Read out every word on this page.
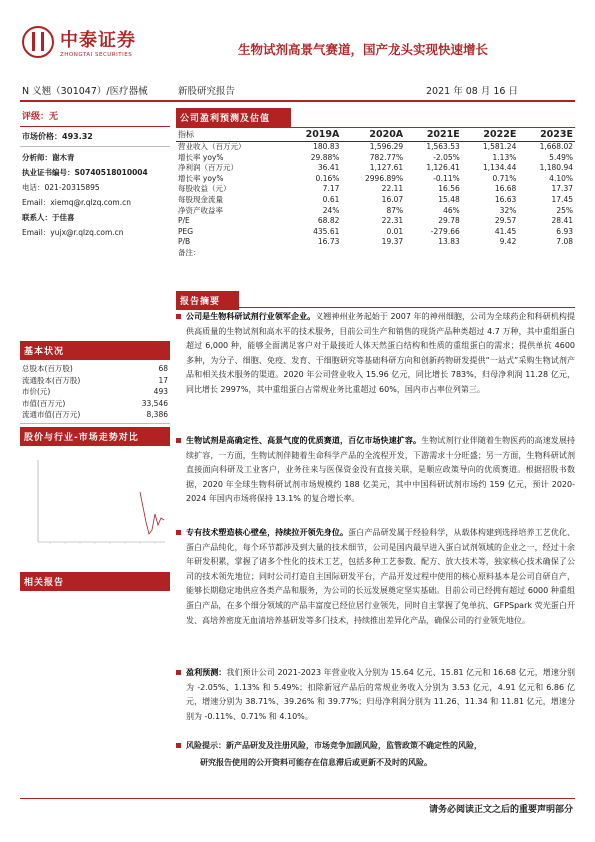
中泰证券
ZHONGTAI SECURITIES	生物试剂高景气赛道，国产龙头实现快速增长
N 义翘（301047）/医疗器械	新股研究报告	2021 年 08 月 16 日
评级：无
市场价格：493.32
分析师：谢木青
执业证书编号：S0740518010004
电话：021-20315895
Email：xiemq@r.qlzq.com.cn
联系人：于佳喜
Email：yujx@r.qlzq.com.cn
基本状况
总股本(百万股)	68
流通股本(百万股)	17
市价(元)	493
市值(百万元)	33,546
流通市值(百万元)	8,386
股价与行业-市场走势对比
相关报告
公司盈利预测及估值
指标	2019A	2020A	2021E	2022E	2023E
营业收入（百万元）	180.83	1,596.29	1,563.53	1,581.24	1,668.02
增长率 yoy%	29.88%	782.77%	-2.05%	1.13%	5.49%
净利润（百万元）	36.41	1,127.61	1,126.41	1,134.44	1,180.94
增长率 yoy%	0.16%	2996.89%	-0.11%	0.71%	4.10%
每股收益（元）	7.17	22.11	16.56	16.68	17.37
每股现金流量	0.61	16.07	15.48	16.63	17.45
净资产收益率	24%	87%	46%	32%	25%
P/E	68.82	22.31	29.78	29.57	28.41
PEG	435.61	0.01	-279.66	41.45	6.93
P/B	16.73	19.37	13.83	9.42	7.08
备注：					
报告摘要
公司是生物科研试剂行业领军企业。义翘神州业务起始于 2007 年的神州细胞，公司为全球药企和科研机构提供高质量的生物试剂和高水平的技术服务，目前公司生产和销售的现货产品种类超过 4.7 万种，其中重组蛋白超过 6,000 种，能够全面满足客户对于最接近人体天然蛋白结构和性质的重组蛋白的需求；提供单抗 4600 多种，为分子、细胞、免疫、发育、干细胞研究等基础科研方向和创新药物研发提供“一站式”采购生物试剂产品和相关技术服务的渠道。2020 年公司营业收入 15.96 亿元，同比增长 783%，归母净利润 11.28 亿元，同比增长 2997%，其中重组蛋白占常规业务比重超过 60%，国内市占率位列第三。
生物试剂是高确定性、高景气度的优质赛道，百亿市场快速扩容。生物试剂行业伴随着生物医药的高速发展持续扩容，一方面，生物试剂伴随着生命科学产品的全流程开发，下游需求十分旺盛；另一方面，生物科研试剂直接面向科研及工业客户，业务往来与医保资金没有直接关联，是顺应政策导向的优质赛道。根据招股书数据，2020 年全球生物科研试剂市场规模约 188 亿美元，其中中国科研试剂市场约 159 亿元，预计 2020-2024 年国内市场将保持 13.1% 的复合增长率。
专有技术塑造核心壁垒，持续拉开领先身位。蛋白产品研发属于经验科学，从载体构建到选择培养工艺优化、蛋白产品纯化，每个环节都涉及到大量的技术细节，公司是国内最早进入蛋白试剂领域的企业之一，经过十余年研发积累，掌握了诸多个性化的技术工艺，包括多种工艺参数、配方、放大技术等，独家核心技术确保了公司的技术领先地位；同时公司打造自主国际研发平台，产品开发过程中使用的核心原料基本是公司自研自产，能够长期稳定地供应各类产品和服务，为公司的长远发展奠定坚实基础。目前公司已经拥有超过 6000 种重组蛋白产品，在多个细分领域的产品丰富度已经位居行业领先，同时自主掌握了兔单抗、GFPSpark 荧光蛋白开发、高培养密度无血清培养基研发等多门技术，持续推出差异化产品，确保公司的行业领先地位。
盈利预测：我们预计公司 2021-2023 年营业收入分别为 15.64 亿元、15.81 亿元和 16.68 亿元，增速分别为 -2.05%、1.13% 和 5.49%；扣除新冠产品后的常规业务收入分别为 3.53 亿元，4.91 亿元和 6.86 亿元，增速分别为 38.71%、39.26% 和 39.77%；归母净利润分别为 11.26、11.34 和 11.81 亿元，增速分别为 -0.11%、0.71% 和 4.10%。
风险提示：新产品研发及注册风险，市场竞争加剧风险，监管政策不确定性的风险，
研究报告使用的公开资料可能存在信息滞后或更新不及时的风险。
请务必阅读正文之后的重要声明部分
